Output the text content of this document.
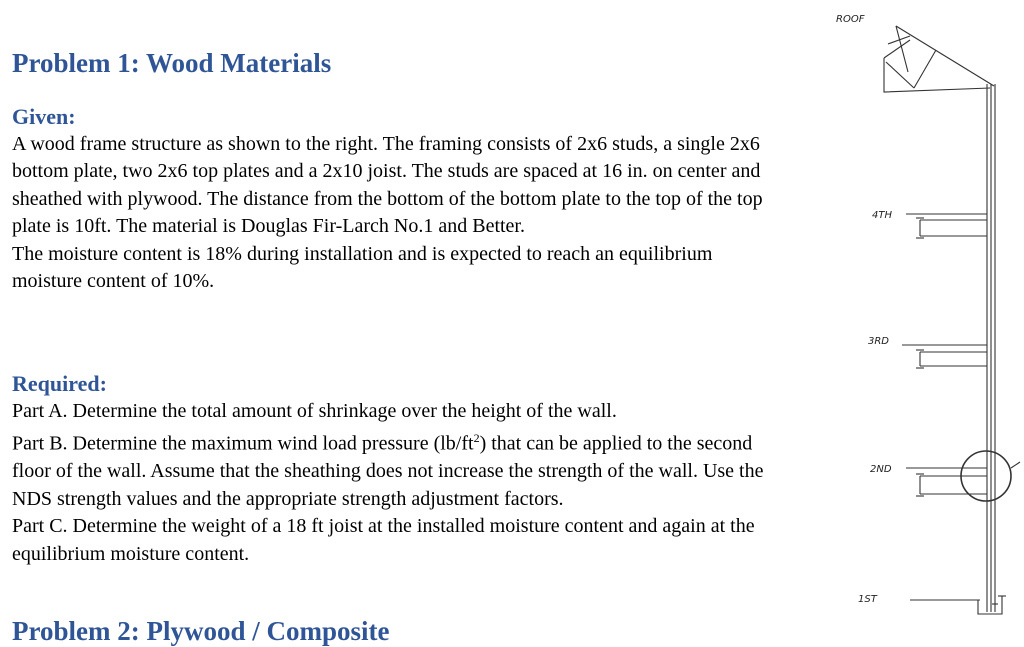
Problem 1: Wood Materials
Given:

A wood frame structure as shown to the right. The framing consists of 2x6 studs, a single 2x6 bottom plate, two 2x6 top plates and a 2x10 joist. The studs are spaced at 16 in. on center and sheathed with plywood. The distance from the bottom of the bottom plate to the top of the top plate is 10ft. The material is Douglas Fir-Larch No.1 and Better.

The moisture content is 18% during installation and is expected to reach an equilibrium moisture content of 10%.

Required:

Part A. Determine the total amount of shrinkage over the height of the wall.

Part B. Determine the maximum wind load pressure $(lb/ft^2)$ that can be applied to the second floor of the wall. Assume that the sheathing does not increase the strength of the wall. Use the NDS strength values and the appropriate strength adjustment factors.

Part C. Determine the weight of a 18 ft joist at the installed moisture content and again at the equilibrium moisture content.

Problem 2: Plywood / Composite
ROOF
4TH
3RD
2ND
1ST
